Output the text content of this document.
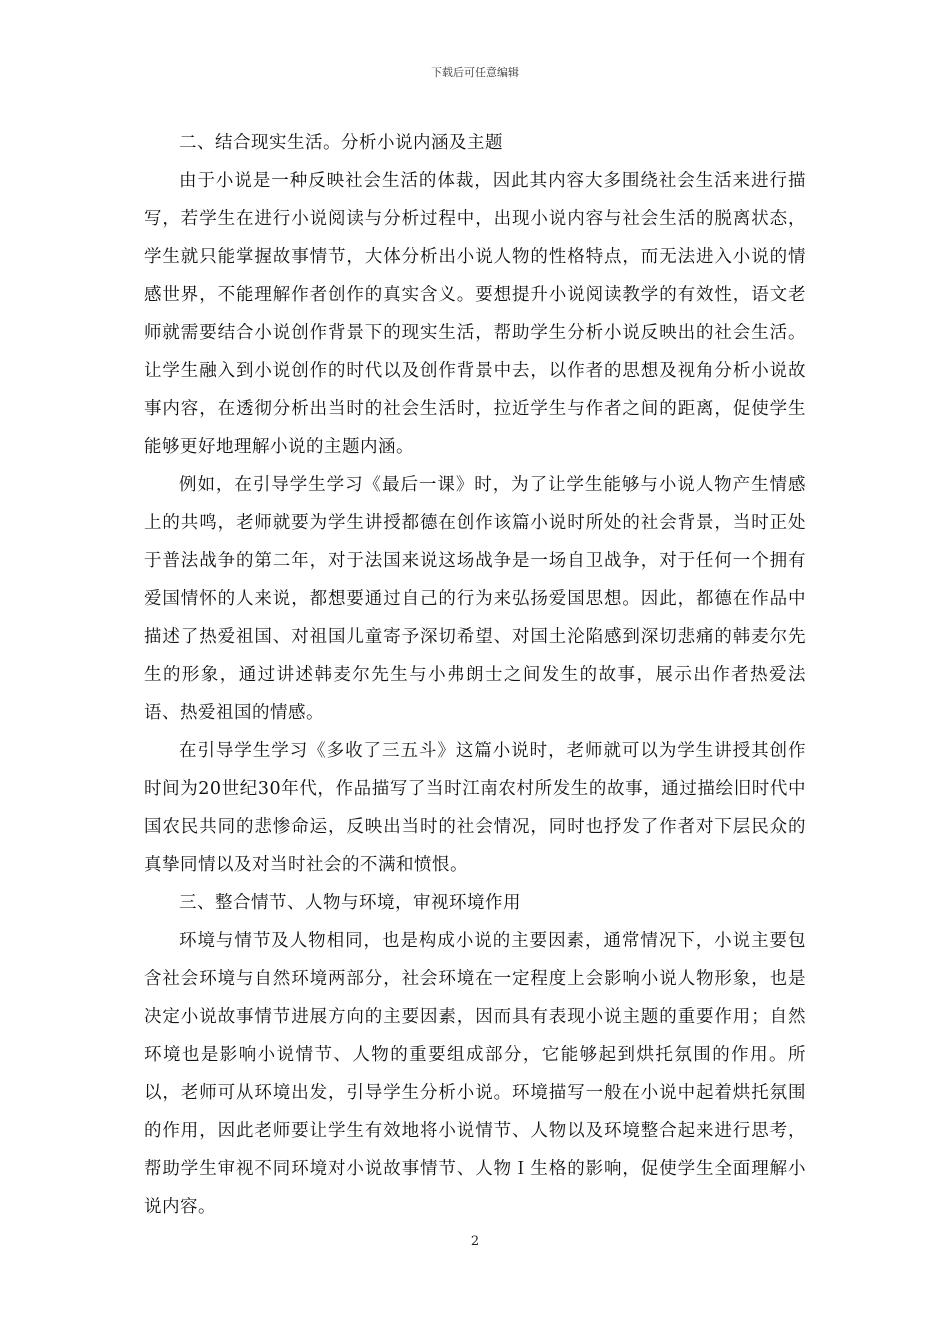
下载后可任意编辑

二、结合现实生活。分析小说内涵及主题

由于小说是一种反映社会生活的体裁，因此其内容大多围绕社会生活来进行描写，若学生在进行小说阅读与分析过程中，出现小说内容与社会生活的脱离状态，学生就只能掌握故事情节，大体分析出小说人物的性格特点，而无法进入小说的情感世界，不能理解作者创作的真实含义。要想提升小说阅读教学的有效性，语文老师就需要结合小说创作背景下的现实生活，帮助学生分析小说反映出的社会生活。让学生融入到小说创作的时代以及创作背景中去，以作者的思想及视角分析小说故事内容，在透彻分析出当时的社会生活时，拉近学生与作者之间的距离，促使学生能够更好地理解小说的主题内涵。

例如，在引导学生学习《最后一课》时，为了让学生能够与小说人物产生情感上的共鸣，老师就要为学生讲授都德在创作该篇小说时所处的社会背景，当时正处于普法战争的第二年，对于法国来说这场战争是一场自卫战争，对于任何一个拥有爱国情怀的人来说，都想要通过自己的行为来弘扬爱国思想。因此，都德在作品中描述了热爱祖国、对祖国儿童寄予深切希望、对国土沦陷感到深切悲痛的韩麦尔先生的形象，通过讲述韩麦尔先生与小弗朗士之间发生的故事，展示出作者热爱法语、热爱祖国的情感。

在引导学生学习《多收了三五斗》这篇小说时，老师就可以为学生讲授其创作时间为20世纪30年代，作品描写了当时江南农村所发生的故事，通过描绘旧时代中国农民共同的悲惨命运，反映出当时的社会情况，同时也抒发了作者对下层民众的真挚同情以及对当时社会的不满和愤恨。

三、整合情节、人物与环境，审视环境作用

环境与情节及人物相同，也是构成小说的主要因素，通常情况下，小说主要包含社会环境与自然环境两部分，社会环境在一定程度上会影响小说人物形象，也是决定小说故事情节进展方向的主要因素，因而具有表现小说主题的重要作用；自然环境也是影响小说情节、人物的重要组成部分，它能够起到烘托氛围的作用。所以，老师可从环境出发，引导学生分析小说。环境描写一般在小说中起着烘托氛围的作用，因此老师要让学生有效地将小说情节、人物以及环境整合起来进行思考，帮助学生审视不同环境对小说故事情节、人物Ｉ生格的影响，促使学生全面理解小说内容。

2
